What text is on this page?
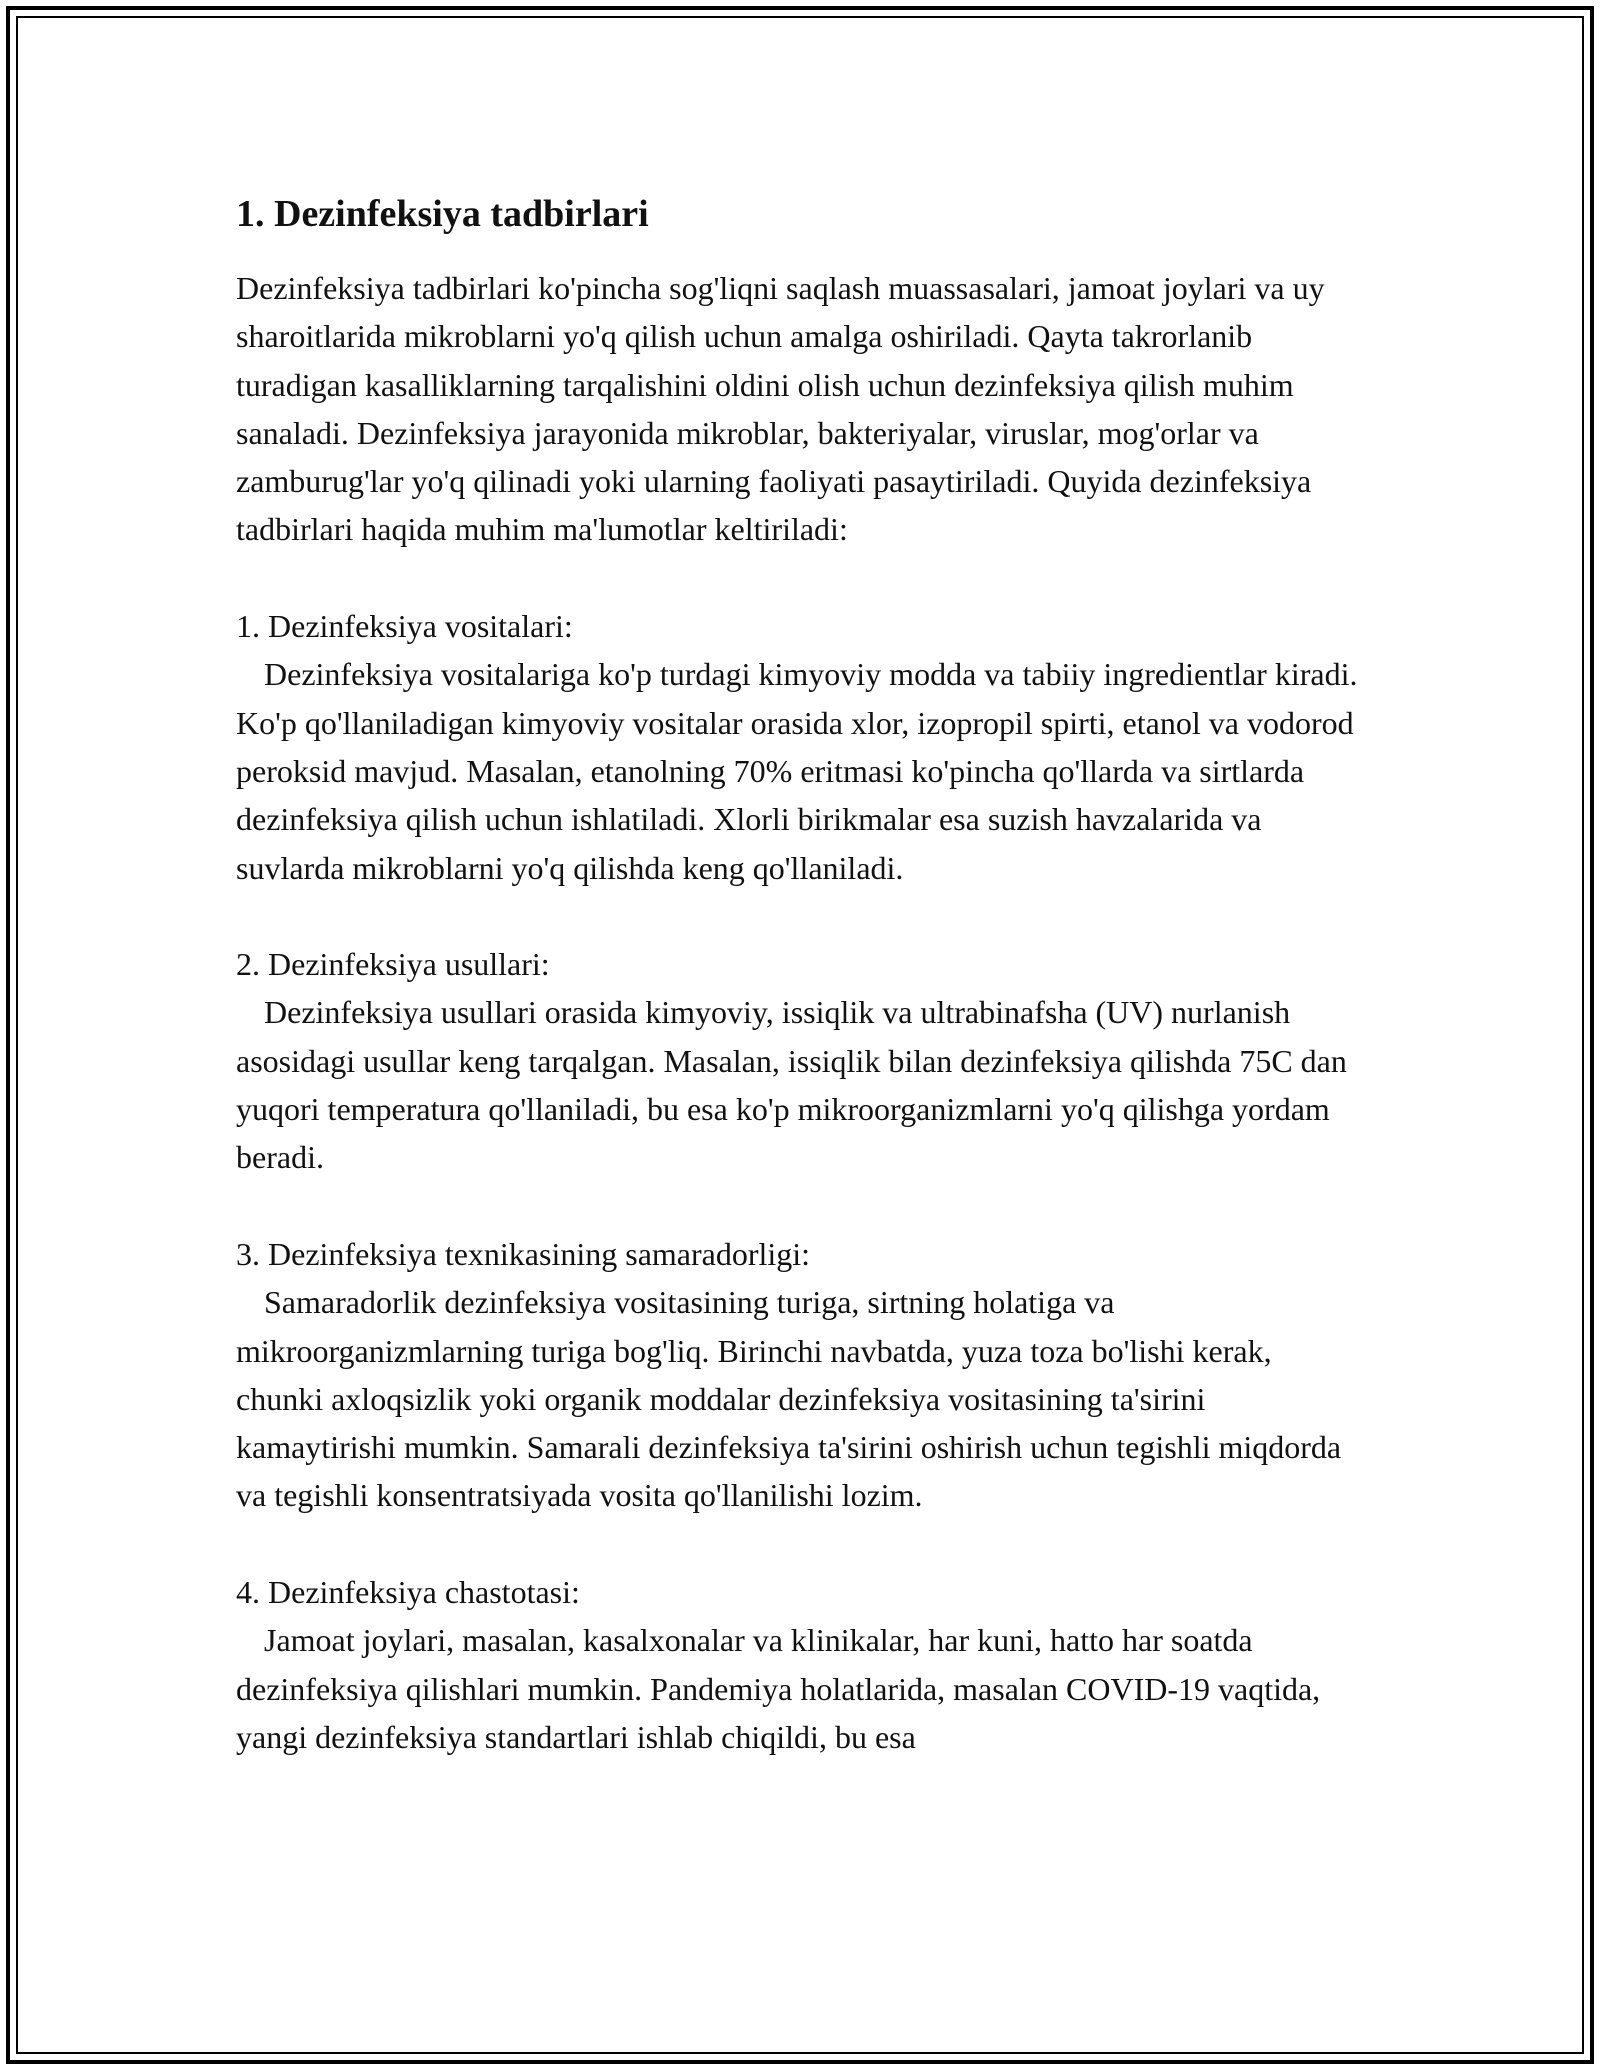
1. Dezinfeksiya tadbirlari

Dezinfeksiya tadbirlari ko'pincha sog'liqni saqlash muassasalari, jamoat joylari va uy sharoitlarida mikroblarni yo'q qilish uchun amalga oshiriladi. Qayta takrorlanib turadigan kasalliklarning tarqalishini oldini olish uchun dezinfeksiya qilish muhim sanaladi. Dezinfeksiya jarayonida mikroblar, bakteriyalar, viruslar, mog'orlar va zamburug'lar yo'q qilinadi yoki ularning faoliyati pasaytiriladi. Quyida dezinfeksiya tadbirlari haqida muhim ma'lumotlar keltiriladi:

1. Dezinfeksiya vositalari:

Dezinfeksiya vositalariga ko'p turdagi kimyoviy modda va tabiiy ingredientlar kiradi. Ko'p qo'llaniladigan kimyoviy vositalar orasida xlor, izopropil spirti, etanol va vodorod peroksid mavjud. Masalan, etanolning 70% eritmasi ko'pincha qo'llarda va sirtlarda dezinfeksiya qilish uchun ishlatiladi. Xlorli birikmalar esa suzish havzalarida va suvlarda mikroblarni yo'q qilishda keng qo'llaniladi.

2. Dezinfeksiya usullari:

Dezinfeksiya usullari orasida kimyoviy, issiqlik va ultrabinafsha (UV) nurlanish asosidagi usullar keng tarqalgan. Masalan, issiqlik bilan dezinfeksiya qilishda 75C dan yuqori temperatura qo'llaniladi, bu esa ko'p mikroorganizmlarni yo'q qilishga yordam beradi.

3. Dezinfeksiya texnikasining samaradorligi:

Samaradorlik dezinfeksiya vositasining turiga, sirtning holatiga va mikroorganizmlarning turiga bog'liq. Birinchi navbatda, yuza toza bo'lishi kerak, chunki axloqsizlik yoki organik moddalar dezinfeksiya vositasining ta'sirini kamaytirishi mumkin. Samarali dezinfeksiya ta'sirini oshirish uchun tegishli miqdorda va tegishli konsentratsiyada vosita qo'llanilishi lozim.

4. Dezinfeksiya chastotasi:

Jamoat joylari, masalan, kasalxonalar va klinikalar, har kuni, hatto har soatda dezinfeksiya qilishlari mumkin. Pandemiya holatlarida, masalan COVID-19 vaqtida, yangi dezinfeksiya standartlari ishlab chiqildi, bu esa
